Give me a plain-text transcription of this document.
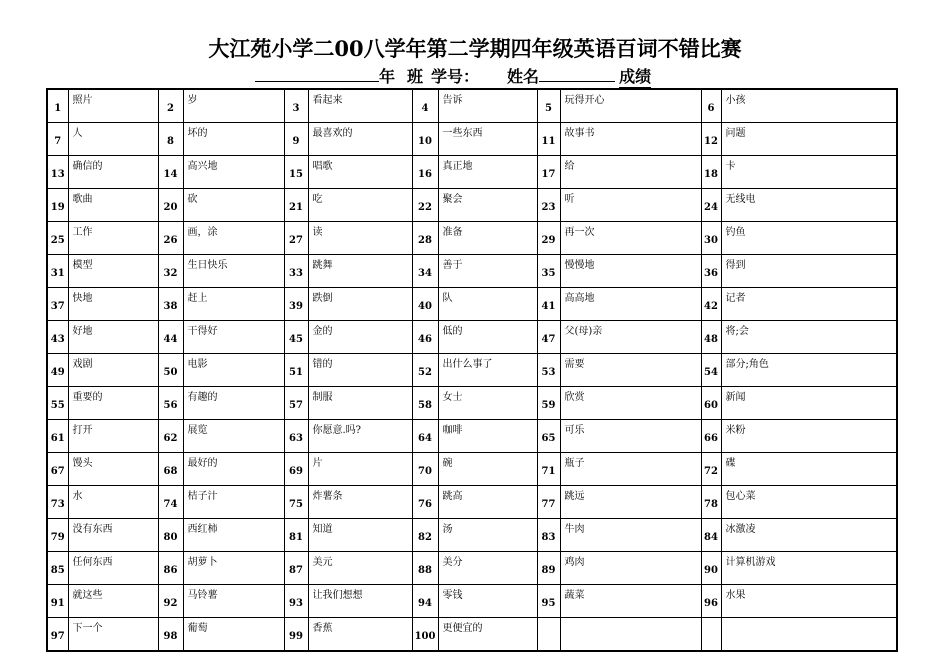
大江苑小学二00八学年第二学期四年级英语百词不错比赛
年 班 学号： 姓名	成绩
1	照片	2	岁	3	看起来	4	告诉	5	玩得开心	6	小孩
7	人	8	坏的	9	最喜欢的	10	一些东西	11	故事书	12	问题
13	确信的	14	高兴地	15	唱歌	16	真正地	17	给	18	卡
19	歌曲	20	砍	21	吃	22	聚会	23	听	24	无线电
25	工作	26	画，涂	27	读	28	准备	29	再一次	30	钓鱼
31	模型	32	生日快乐	33	跳舞	34	善于	35	慢慢地	36	得到
37	快地	38	赶上	39	跌倒	40	队	41	高高地	42	记者
43	好地	44	干得好	45	金的	46	低的	47	父(母)亲	48	将;会
49	戏剧	50	电影	51	错的	52	出什么事了	53	需要	54	部分;角色
55	重要的	56	有趣的	57	制服	58	女士	59	欣赏	60	新闻
61	打开	62	展览	63	你愿意.吗?	64	咖啡	65	可乐	66	米粉
67	馒头	68	最好的	69	片	70	碗	71	瓶子	72	碟
73	水	74	桔子汁	75	炸薯条	76	跳高	77	跳远	78	包心菜
79	没有东西	80	西红柿	81	知道	82	汤	83	牛肉	84	冰激凌
85	任何东西	86	胡萝卜	87	美元	88	美分	89	鸡肉	90	计算机游戏
91	就这些	92	马铃薯	93	让我们想想	94	零钱	95	蔬菜	96	水果
97	下一个	98	葡萄	99	香蕉	100	更便宜的				
